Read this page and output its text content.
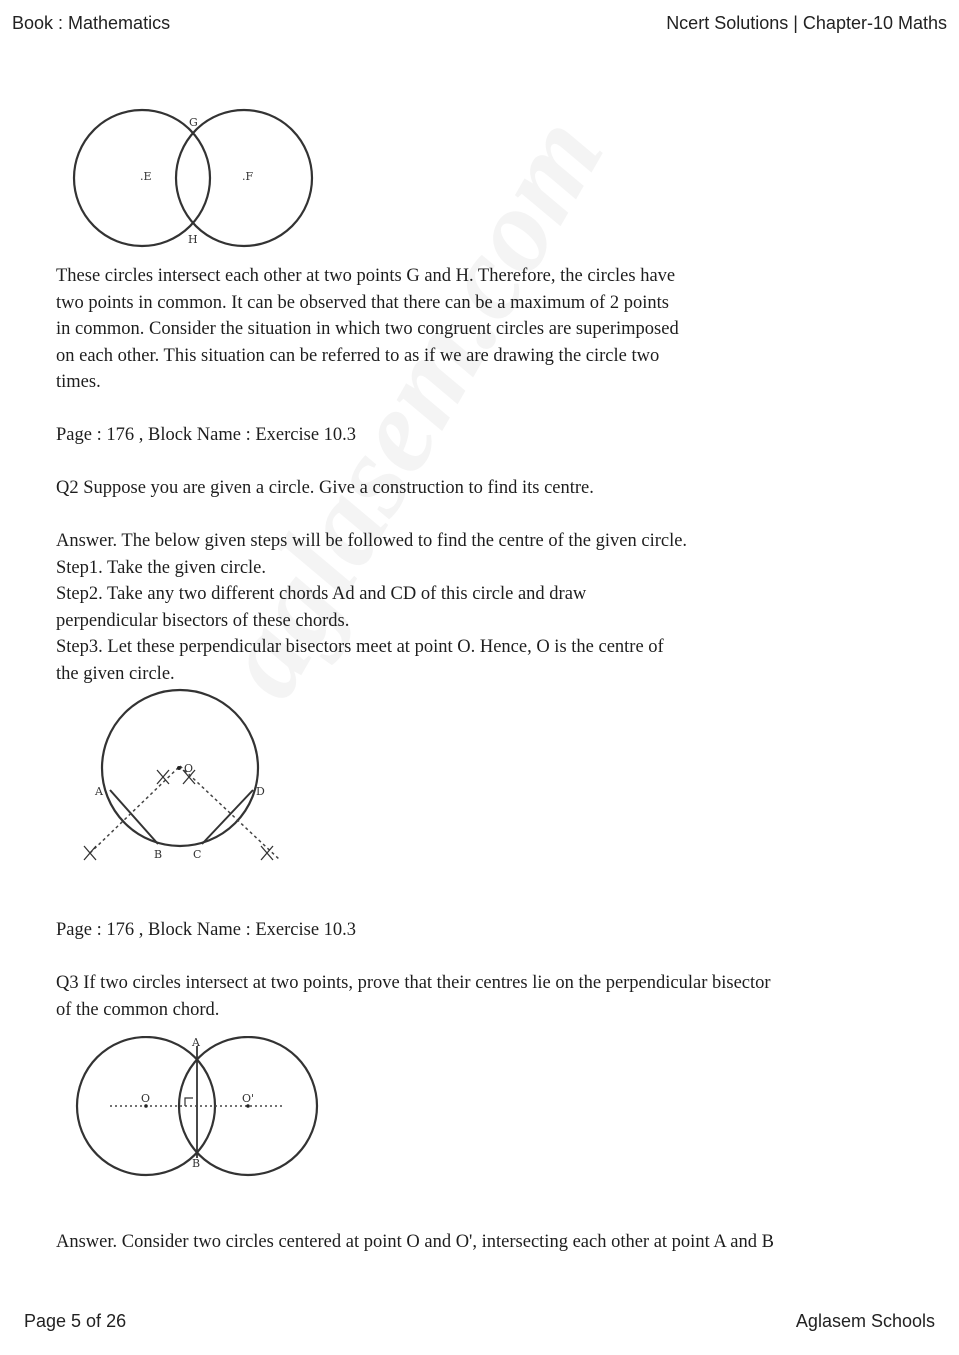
Book : Mathematics	Ncert Solutions | Chapter-10 Maths
G
H
.E	.F

These circles intersect each other at two points G and H. Therefore, the circles have

two points in common. It can be observed that there can be a maximum of 2 points

in common. Consider the situation in which two congruent circles are superimposed

on each other. This situation can be referred to as if we are drawing the circle two

times.

Page : 176 , Block Name : Exercise 10.3
Q2 Suppose you are given a circle. Give a construction to find its centre.

Answer. The below given steps will be followed to find the centre of the given circle.

Step1. Take the given circle.

Step2. Take any two different chords Ad and CD of this circle and draw

perpendicular bisectors of these chords.

Step3. Let these perpendicular bisectors meet at point O. Hence, O is the centre of

the given circle.

A
B	C
D
O
Page : 176 , Block Name : Exercise 10.3

Q3 If two circles intersect at two points, prove that their centres lie on the perpendicular bisector

of the common chord.

A
B
O	O'
Answer. Consider two circles centered at point O and O', intersecting each other at point A and B
Page 5 of 26	Aglasem Schools
